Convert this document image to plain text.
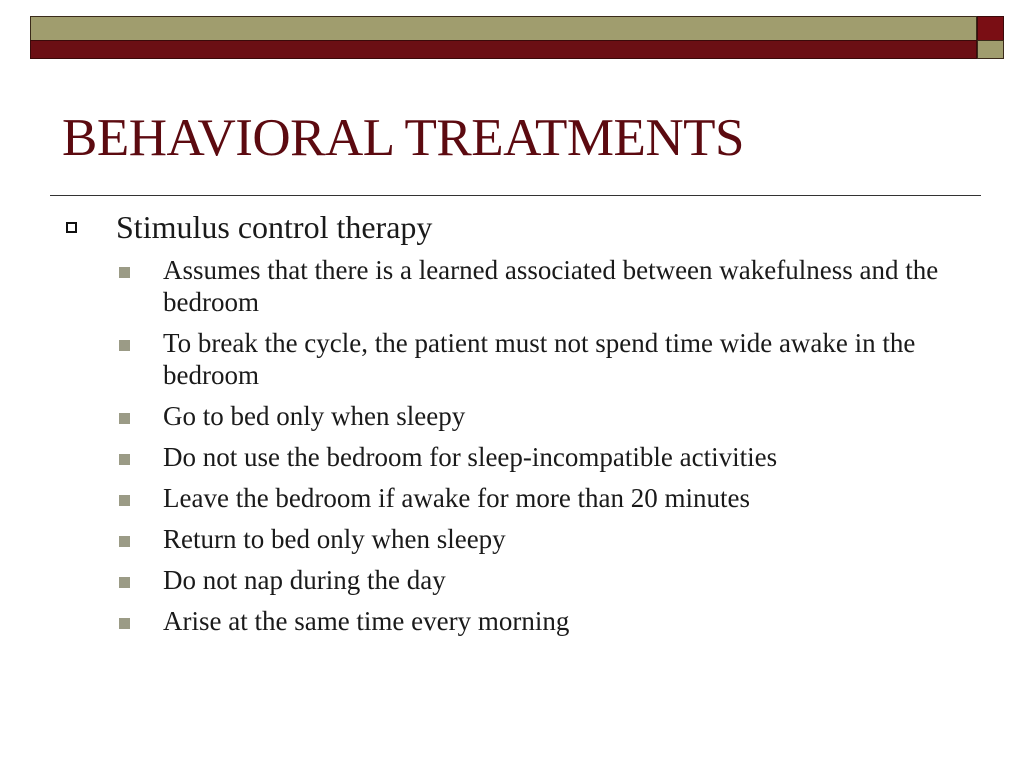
BEHAVIORAL TREATMENTS
Stimulus control therapy
Assumes that there is a learned associated between wakefulness and the bedroom
To break the cycle, the patient must not spend time wide awake in the bedroom
Go to bed only when sleepy
Do not use the bedroom for sleep-incompatible activities
Leave the bedroom if awake for more than 20 minutes
Return to bed only when sleepy
Do not nap during the day
Arise at the same time every morning
